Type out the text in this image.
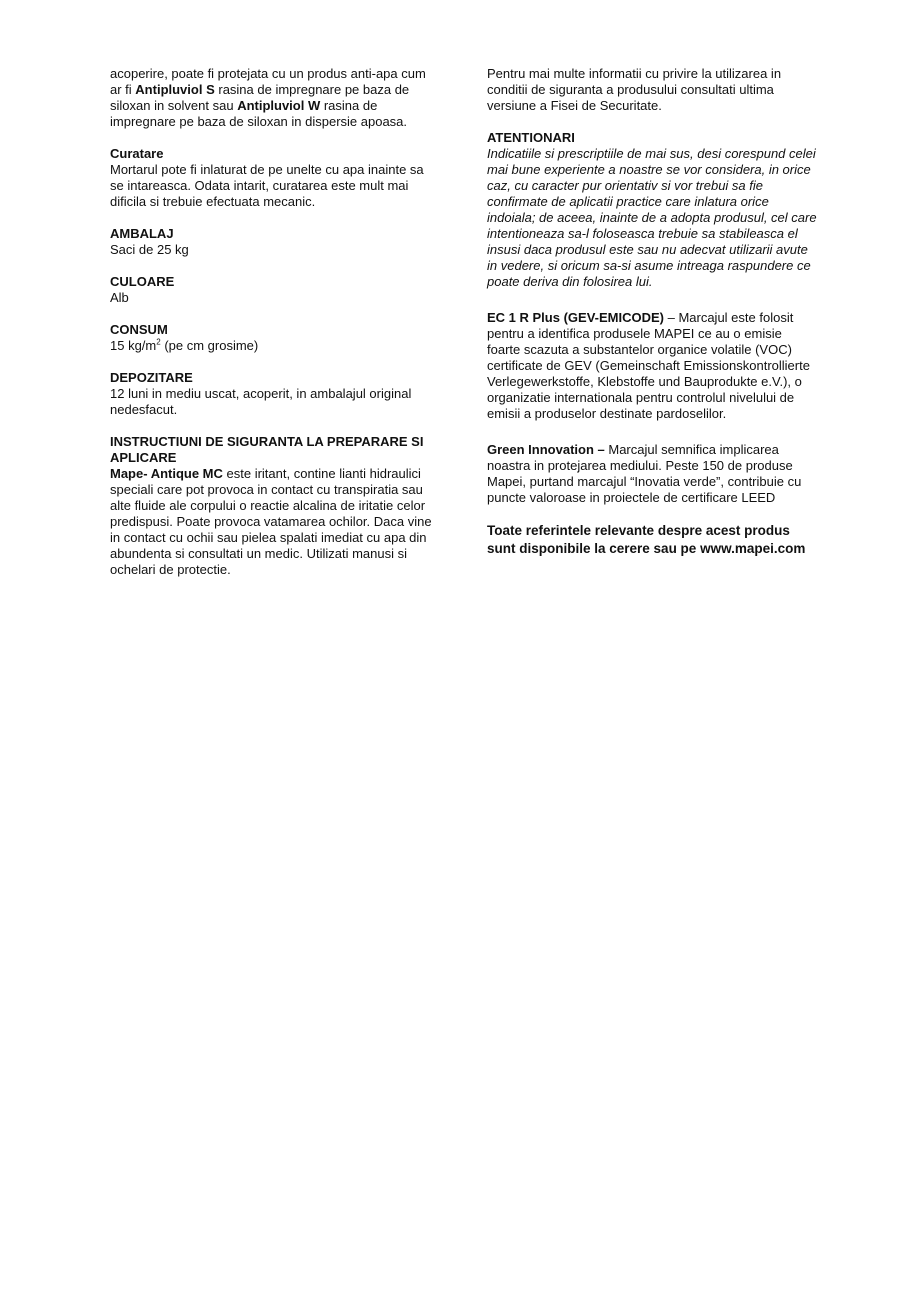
acoperire, poate fi protejata cu un produs anti-apa cum ar fi Antipluviol S rasina de impregnare pe baza de siloxan in solvent sau Antipluviol W rasina de impregnare pe baza de siloxan in dispersie apoasa.

Curatare

Mortarul pote fi inlaturat de pe unelte cu apa inainte sa se intareasca. Odata intarit, curatarea este mult mai dificila si trebuie efectuata mecanic.

AMBALAJ

Saci de 25 kg

CULOARE

Alb

CONSUM

15 $kg/m^2$ (pe cm grosime)

DEPOZITARE

12 luni in mediu uscat, acoperit, in ambalajul original nedesfacut.

INSTRUCTIUNI DE SIGURANTA LA PREPARARE SI APLICARE

Mape- Antique MC este iritant, contine lianti hidraulici speciali care pot provoca in contact cu transpiratia sau alte fluide ale corpului o reactie alcalina de iritatie celor predispusi. Poate provoca vatamarea ochilor. Daca vine in contact cu ochii sau pielea spalati imediat cu apa din abundenta si consultati un medic. Utilizati manusi si ochelari de protectie.

Pentru mai multe informatii cu privire la utilizarea in conditii de siguranta a produsului consultati ultima versiune a Fisei de Securitate.

ATENTIONARI

Indicatiile si prescriptiile de mai sus, desi corespund celei mai bune experiente a noastre se vor considera, in orice caz, cu caracter pur orientativ si vor trebui sa fie confirmate de aplicatii practice care inlatura orice indoiala; de aceea, inainte de a adopta produsul, cel care intentioneaza sa-l foloseasca trebuie sa stabileasca el insusi daca produsul este sau nu adecvat utilizarii avute in vedere, si oricum sa-si asume intreaga raspundere ce poate deriva din folosirea lui.

EC 1 R Plus (GEV-EMICODE) – Marcajul este folosit pentru a identifica produsele MAPEI ce au o emisie foarte scazuta a substantelor organice volatile (VOC) certificate de GEV (Gemeinschaft Emissionskontrollierte Verlegewerkstoffe, Klebstoffe und Bauprodukte e.V.), o organizatie internationala pentru controlul nivelului de emisii a produselor destinate pardoselilor.

Green Innovation – Marcajul semnifica implicarea noastra in protejarea mediului. Peste 150 de produse Mapei, purtand marcajul “Inovatia verde”, contribuie cu puncte valoroase in proiectele de certificare LEED

Toate referintele relevante despre acest produs sunt disponibile la cerere sau pe www.mapei.com
